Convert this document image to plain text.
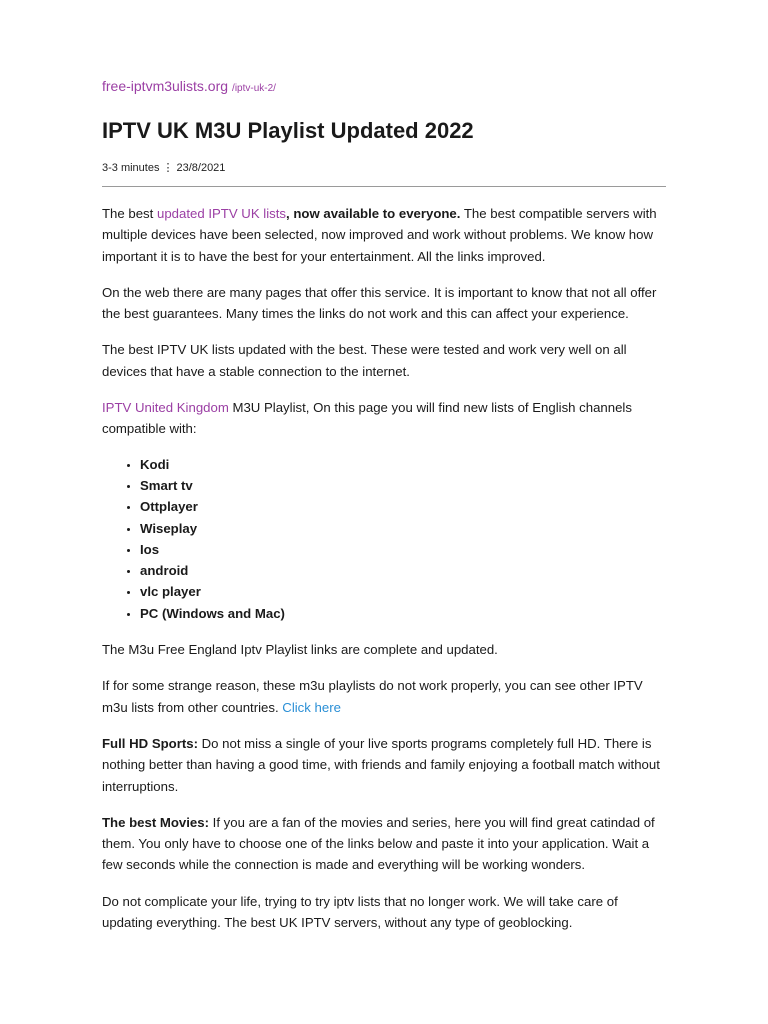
free-iptvm3ulists.org /iptv-uk-2/
IPTV UK M3U Playlist Updated 2022
3-3 minutes ⋮ 23/8/2021

The best updated IPTV UK lists, now available to everyone. The best compatible servers with multiple devices have been selected, now improved and work without problems. We know how important it is to have the best for your entertainment. All the links improved.

On the web there are many pages that offer this service. It is important to know that not all offer the best guarantees. Many times the links do not work and this can affect your experience.

The best IPTV UK lists updated with the best. These were tested and work very well on all devices that have a stable connection to the internet.

IPTV United Kingdom M3U Playlist, On this page you will find new lists of English channels compatible with:

• Kodi
• Smart tv
• Ottplayer
• Wiseplay
• Ios
• android
• vlc player
• PC (Windows and Mac)

The M3u Free England Iptv Playlist links are complete and updated.

If for some strange reason, these m3u playlists do not work properly, you can see other IPTV m3u lists from other countries. Click here

Full HD Sports: Do not miss a single of your live sports programs completely full HD. There is nothing better than having a good time, with friends and family enjoying a football match without interruptions.

The best Movies: If you are a fan of the movies and series, here you will find great catindad of them. You only have to choose one of the links below and paste it into your application. Wait a few seconds while the connection is made and everything will be working wonders.

Do not complicate your life, trying to try iptv lists that no longer work. We will take care of updating everything. The best UK IPTV servers, without any type of geoblocking.
